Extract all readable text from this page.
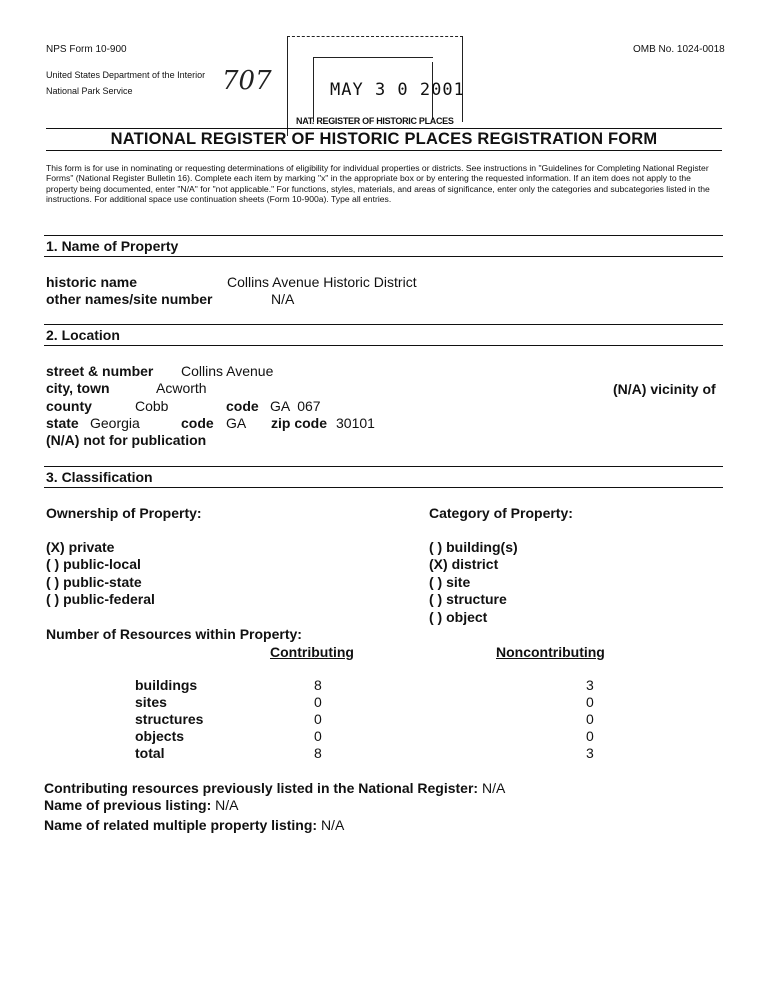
NPS Form 10-900	OMB No. 1024-0018
United States Department of the Interior
National Park Service	707	MAY 3 0 2001
NAT. REGISTER OF HISTORIC PLACES
NATIONAL REGISTER OF HISTORIC PLACES REGISTRATION FORM
This form is for use in nominating or requesting determinations of eligibility for individual properties or districts. See instructions in "Guidelines for Completing National Register Forms" (National Register Bulletin 16). Complete each item by marking "x" in the appropriate box or by entering the requested information. If an item does not apply to the property being documented, enter "N/A" for "not applicable." For functions, styles, materials, and areas of significance, enter only the categories and subcategories listed in the instructions. For additional space use continuation sheets (Form 10-900a). Type all entries.
1. Name of Property
historic name	Collins Avenue Historic District
other names/site number	N/A
2. Location
street & number Collins Avenue
city, town	Acworth	(N/A) vicinity of
county	Cobb	code GA  067
state Georgia	code GA zip code 30101
(N/A) not for publication
3. Classification
Ownership of Property:	Category of Property:
(X) private
( ) public-local
( ) public-state
( ) public-federal
( ) building(s)
(X) district
( ) site
( ) structure
( ) object
Number of Resources within Property:
Contributing	Noncontributing
buildings	8	3
sites	0	0
structures	0	0
objects	0	0
total	8	3
Contributing resources previously listed in the National Register: N/A
Name of previous listing: N/A
Name of related multiple property listing: N/A
